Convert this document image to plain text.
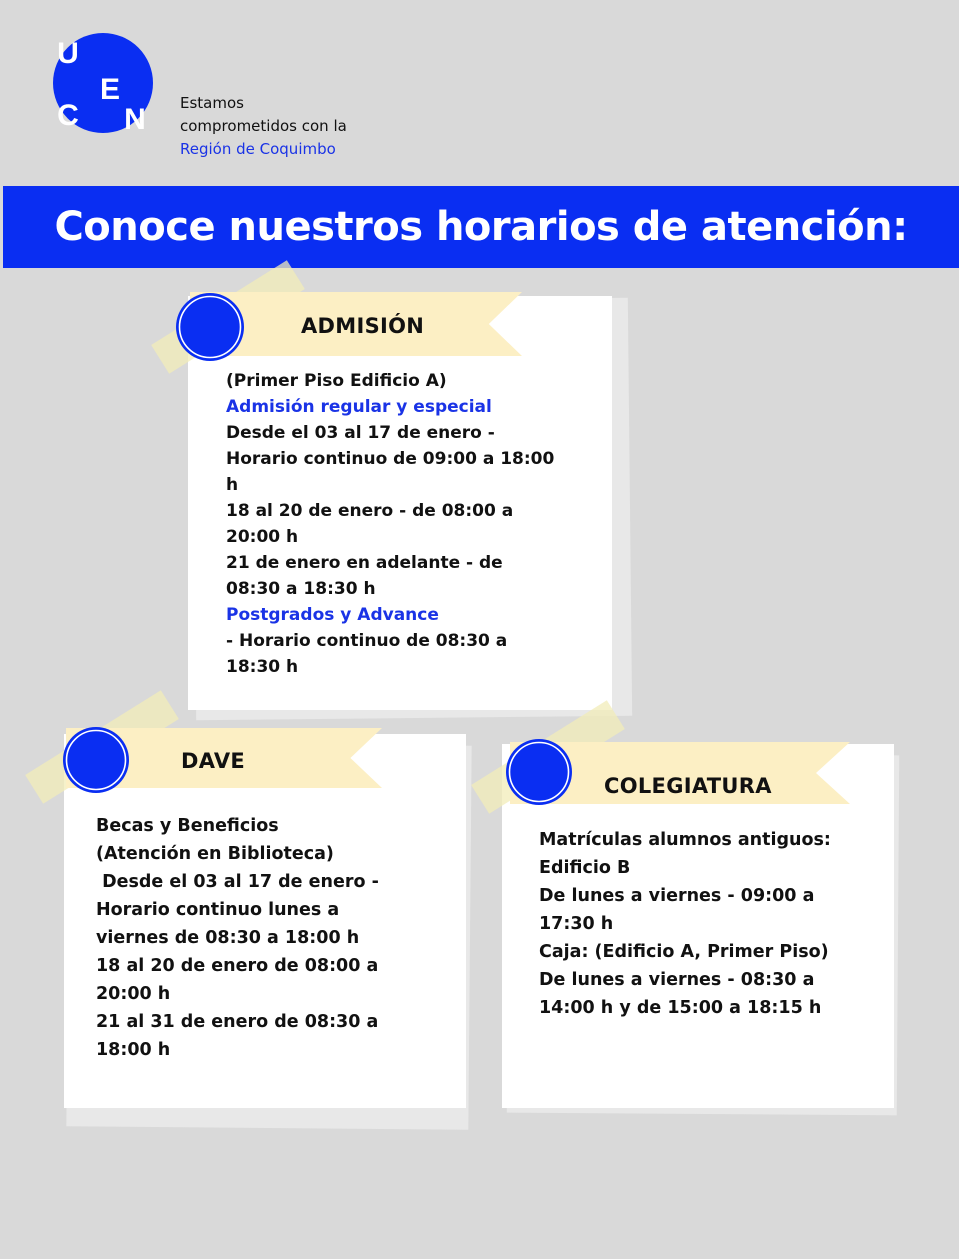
U
C
E
N Estamos
comprometidos con la
Región de Coquimbo
Conoce nuestros horarios de atención:
ADMISIÓN
(Primer Piso Edificio A)
Admisión regular y especial
Desde el 03 al 17 de enero -
Horario continuo de 09:00 a 18:00
h
18 al 20 de enero - de 08:00 a
20:00 h
21 de enero en adelante - de
08:30 a 18:30 h
Postgrados y Advance
- Horario continuo de 08:30 a
18:30 h
DAVE
Becas y Beneficios
(Atención en Biblioteca)
Desde el 03 al 17 de enero -
Horario continuo lunes a
viernes de 08:30 a 18:00 h
18 al 20 de enero de 08:00 a
20:00 h
21 al 31 de enero de 08:30 a
18:00 h
COLEGIATURA
Matrículas alumnos antiguos:
Edificio B
De lunes a viernes - 09:00 a
17:30 h
Caja: (Edificio A, Primer Piso)
De lunes a viernes - 08:30 a
14:00 h y de 15:00 a 18:15 h
